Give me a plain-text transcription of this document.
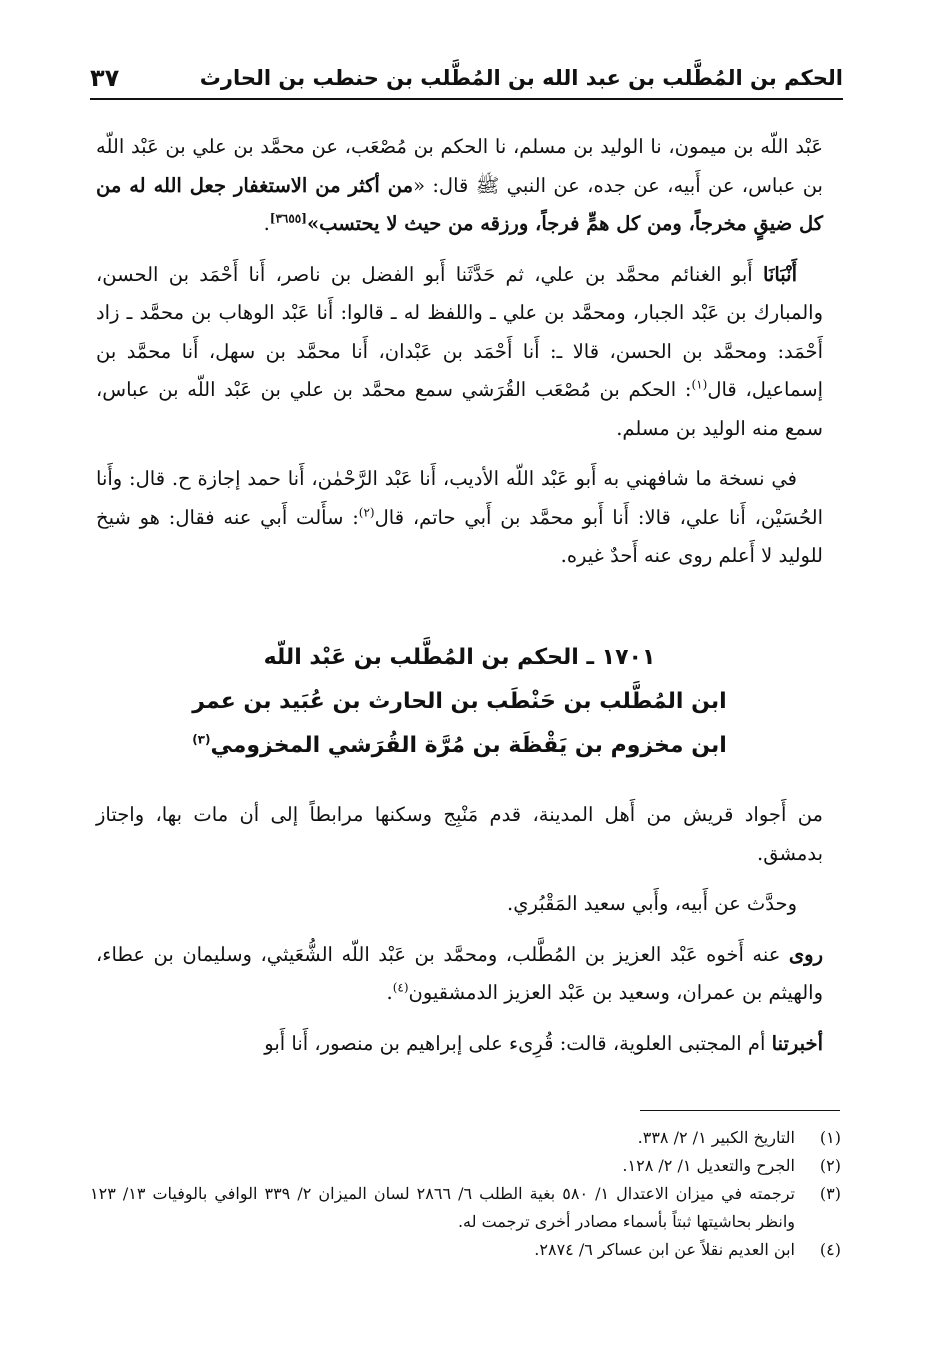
الحكم بن المُطَّلب بن عبد الله بن المُطَّلب بن حنطب بن الحارث
٣٧

عَبْد اللّه بن ميمون، نا الوليد بن مسلم، نا الحكم بن مُصْعَب، عن محمَّد بن علي بن عَبْد اللّه بن عباس، عن أَبيه، عن جده، عن النبي ﷺ قال: «من أكثر من الاستغفار جعل الله له من كل ضيقٍ مخرجاً، ومن كل همٍّ فرجاً، ورزقه من حيث لا يحتسب»[٣٦٥٥].

أَنْبَانَا أَبو الغنائم محمَّد بن علي، ثم حَدَّثَنا أَبو الفضل بن ناصر، أَنا أَحْمَد بن الحسن، والمبارك بن عَبْد الجبار، ومحمَّد بن علي ـ واللفظ له ـ قالوا: أَنا عَبْد الوهاب بن محمَّد ـ زاد أَحْمَد: ومحمَّد بن الحسن، قالا ـ: أَنا أَحْمَد بن عَبْدان، أَنا محمَّد بن سهل، أَنا محمَّد بن إسماعيل، قال$^{(١)}$: الحكم بن مُصْعَب القُرَشي سمع محمَّد بن علي بن عَبْد اللّه بن عباس، سمع منه الوليد بن مسلم.

في نسخة ما شافهني به أَبو عَبْد اللّه الأديب، أَنا عَبْد الرَّحْمٰن، أَنا حمد إجازة ح. قال: وأَنا الحُسَيْن، أَنا علي، قالا: أَنا أَبو محمَّد بن أَبي حاتم، قال$^{(٢)}$: سأَلت أَبي عنه فقال: هو شيخ للوليد لا أَعلم روى عنه أَحدٌ غيره.

١٧٠١ ـ الحكم بن المُطَّلب بن عَبْد اللّه
ابن المُطَّلب بن حَنْطَب بن الحارث بن عُبَيد بن عمر
ابن مخزوم بن يَقْظَة بن مُرَّة القُرَشي المخزومي$^{(٣)}$

من أَجواد قريش من أَهل المدينة، قدم مَنْبِج وسكنها مرابطاً إلى أن مات بها، واجتاز بدمشق.

وحدَّث عن أَبيه، وأَبي سعيد المَقْبُري.

روى عنه أَخوه عَبْد العزيز بن المُطَّلب، ومحمَّد بن عَبْد اللّه الشُّعَيثي، وسليمان بن عطاء، والهيثم بن عمران، وسعيد بن عَبْد العزيز الدمشقيون$^{(٤)}$.

أخبرتنا أم المجتبى العلوية، قالت: قُرِىء على إبراهيم بن منصور، أَنا أَبو

(١)
التاريخ الكبير ١/ ٢/ ٣٣٨.
(٢)
الجرح والتعديل ١/ ٢/ ١٢٨.
(٣)
ترجمته في ميزان الاعتدال ١/ ٥٨٠ بغية الطلب ٦/ ٢٨٦٦ لسان الميزان ٢/ ٣٣٩ الوافي بالوفيات ١٣/ ١٢٣ وانظر بحاشيتها ثبتاً بأسماء مصادر أخرى ترجمت له.
(٤)
ابن العديم نقلاً عن ابن عساكر ٦/ ٢٨٧٤.
